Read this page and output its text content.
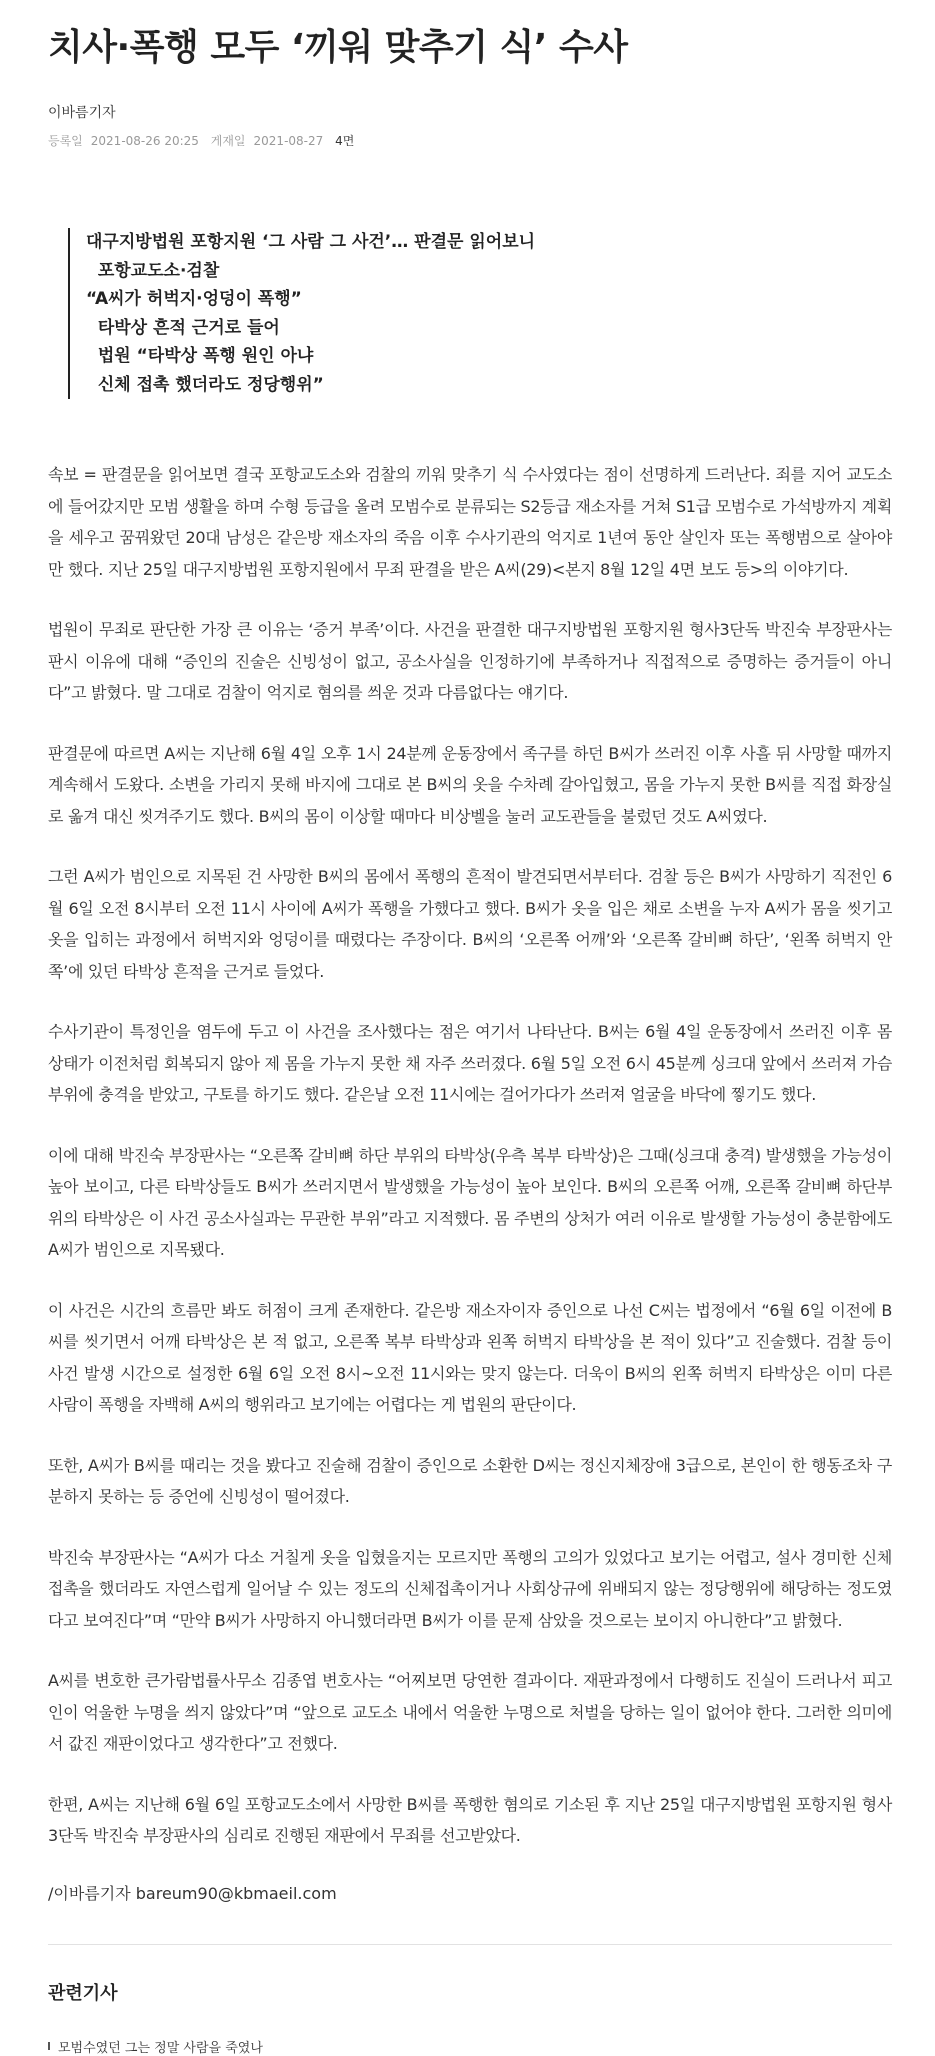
치사·폭행 모두 ‘끼워 맞추기 식’ 수사
이바름기자
등록일 2021-08-26 20:25 게재일 2021-08-27 4면
대구지방법원 포항지원 ‘그 사람 그 사건’… 판결문 읽어보니
포항교도소·검찰
“A씨가 허벅지·엉덩이 폭행”
타박상 흔적 근거로 들어
법원 “타박상 폭행 원인 아냐
신체 접촉 했더라도 정당행위”

속보 = 판결문을 읽어보면 결국 포항교도소와 검찰의 끼워 맞추기 식 수사였다는 점이 선명하게 드러난다. 죄를 지어 교도소에 들어갔지만 모범 생활을 하며 수형 등급을 올려 모범수로 분류되는 S2등급 재소자를 거쳐 S1급 모범수로 가석방까지 계획을 세우고 꿈꿔왔던 20대 남성은 같은방 재소자의 죽음 이후 수사기관의 억지로 1년여 동안 살인자 또는 폭행범으로 살아야만 했다. 지난 25일 대구지방법원 포항지원에서 무죄 판결을 받은 A씨(29)<본지 8월 12일 4면 보도 등>의 이야기다.

법원이 무죄로 판단한 가장 큰 이유는 ‘증거 부족’이다. 사건을 판결한 대구지방법원 포항지원 형사3단독 박진숙 부장판사는 판시 이유에 대해 “증인의 진술은 신빙성이 없고, 공소사실을 인정하기에 부족하거나 직접적으로 증명하는 증거들이 아니다”고 밝혔다. 말 그대로 검찰이 억지로 혐의를 씌운 것과 다름없다는 얘기다.

판결문에 따르면 A씨는 지난해 6월 4일 오후 1시 24분께 운동장에서 족구를 하던 B씨가 쓰러진 이후 사흘 뒤 사망할 때까지 계속해서 도왔다. 소변을 가리지 못해 바지에 그대로 본 B씨의 옷을 수차례 갈아입혔고, 몸을 가누지 못한 B씨를 직접 화장실로 옮겨 대신 씻겨주기도 했다. B씨의 몸이 이상할 때마다 비상벨을 눌러 교도관들을 불렀던 것도 A씨였다.

그런 A씨가 범인으로 지목된 건 사망한 B씨의 몸에서 폭행의 흔적이 발견되면서부터다. 검찰 등은 B씨가 사망하기 직전인 6월 6일 오전 8시부터 오전 11시 사이에 A씨가 폭행을 가했다고 했다. B씨가 옷을 입은 채로 소변을 누자 A씨가 몸을 씻기고 옷을 입히는 과정에서 허벅지와 엉덩이를 때렸다는 주장이다. B씨의 ‘오른쪽 어깨’와 ‘오른쪽 갈비뼈 하단’, ‘왼쪽 허벅지 안쪽’에 있던 타박상 흔적을 근거로 들었다.

수사기관이 특정인을 염두에 두고 이 사건을 조사했다는 점은 여기서 나타난다. B씨는 6월 4일 운동장에서 쓰러진 이후 몸 상태가 이전처럼 회복되지 않아 제 몸을 가누지 못한 채 자주 쓰러졌다. 6월 5일 오전 6시 45분께 싱크대 앞에서 쓰러져 가슴 부위에 충격을 받았고, 구토를 하기도 했다. 같은날 오전 11시에는 걸어가다가 쓰러져 얼굴을 바닥에 찧기도 했다.

이에 대해 박진숙 부장판사는 “오른쪽 갈비뼈 하단 부위의 타박상(우측 복부 타박상)은 그때(싱크대 충격) 발생했을 가능성이 높아 보이고, 다른 타박상들도 B씨가 쓰러지면서 발생했을 가능성이 높아 보인다. B씨의 오른쪽 어깨, 오른쪽 갈비뼈 하단부위의 타박상은 이 사건 공소사실과는 무관한 부위”라고 지적했다. 몸 주변의 상처가 여러 이유로 발생할 가능성이 충분함에도 A씨가 범인으로 지목됐다.

이 사건은 시간의 흐름만 봐도 허점이 크게 존재한다. 같은방 재소자이자 증인으로 나선 C씨는 법정에서 “6월 6일 이전에 B씨를 씻기면서 어깨 타박상은 본 적 없고, 오른쪽 복부 타박상과 왼쪽 허벅지 타박상을 본 적이 있다”고 진술했다. 검찰 등이 사건 발생 시간으로 설정한 6월 6일 오전 8시~오전 11시와는 맞지 않는다. 더욱이 B씨의 왼쪽 허벅지 타박상은 이미 다른 사람이 폭행을 자백해 A씨의 행위라고 보기에는 어렵다는 게 법원의 판단이다.

또한, A씨가 B씨를 때리는 것을 봤다고 진술해 검찰이 증인으로 소환한 D씨는 정신지체장애 3급으로, 본인이 한 행동조차 구분하지 못하는 등 증언에 신빙성이 떨어졌다.

박진숙 부장판사는 “A씨가 다소 거칠게 옷을 입혔을지는 모르지만 폭행의 고의가 있었다고 보기는 어렵고, 설사 경미한 신체접촉을 했더라도 자연스럽게 일어날 수 있는 정도의 신체접촉이거나 사회상규에 위배되지 않는 정당행위에 해당하는 정도였다고 보여진다”며 “만약 B씨가 사망하지 아니했더라면 B씨가 이를 문제 삼았을 것으로는 보이지 아니한다”고 밝혔다.

A씨를 변호한 큰가람법률사무소 김종엽 변호사는 “어찌보면 당연한 결과이다. 재판과정에서 다행히도 진실이 드러나서 피고인이 억울한 누명을 씌지 않았다”며 “앞으로 교도소 내에서 억울한 누명으로 처벌을 당하는 일이 없어야 한다. 그러한 의미에서 값진 재판이었다고 생각한다”고 전했다.

한편, A씨는 지난해 6월 6일 포항교도소에서 사망한 B씨를 폭행한 혐의로 기소된 후 지난 25일 대구지방법원 포항지원 형사3단독 박진숙 부장판사의 심리로 진행된 재판에서 무죄를 선고받았다.

/이바름기자 bareum90@kbmaeil.com

관련기사
모범수였던 그는 정말 사람을 죽였나
